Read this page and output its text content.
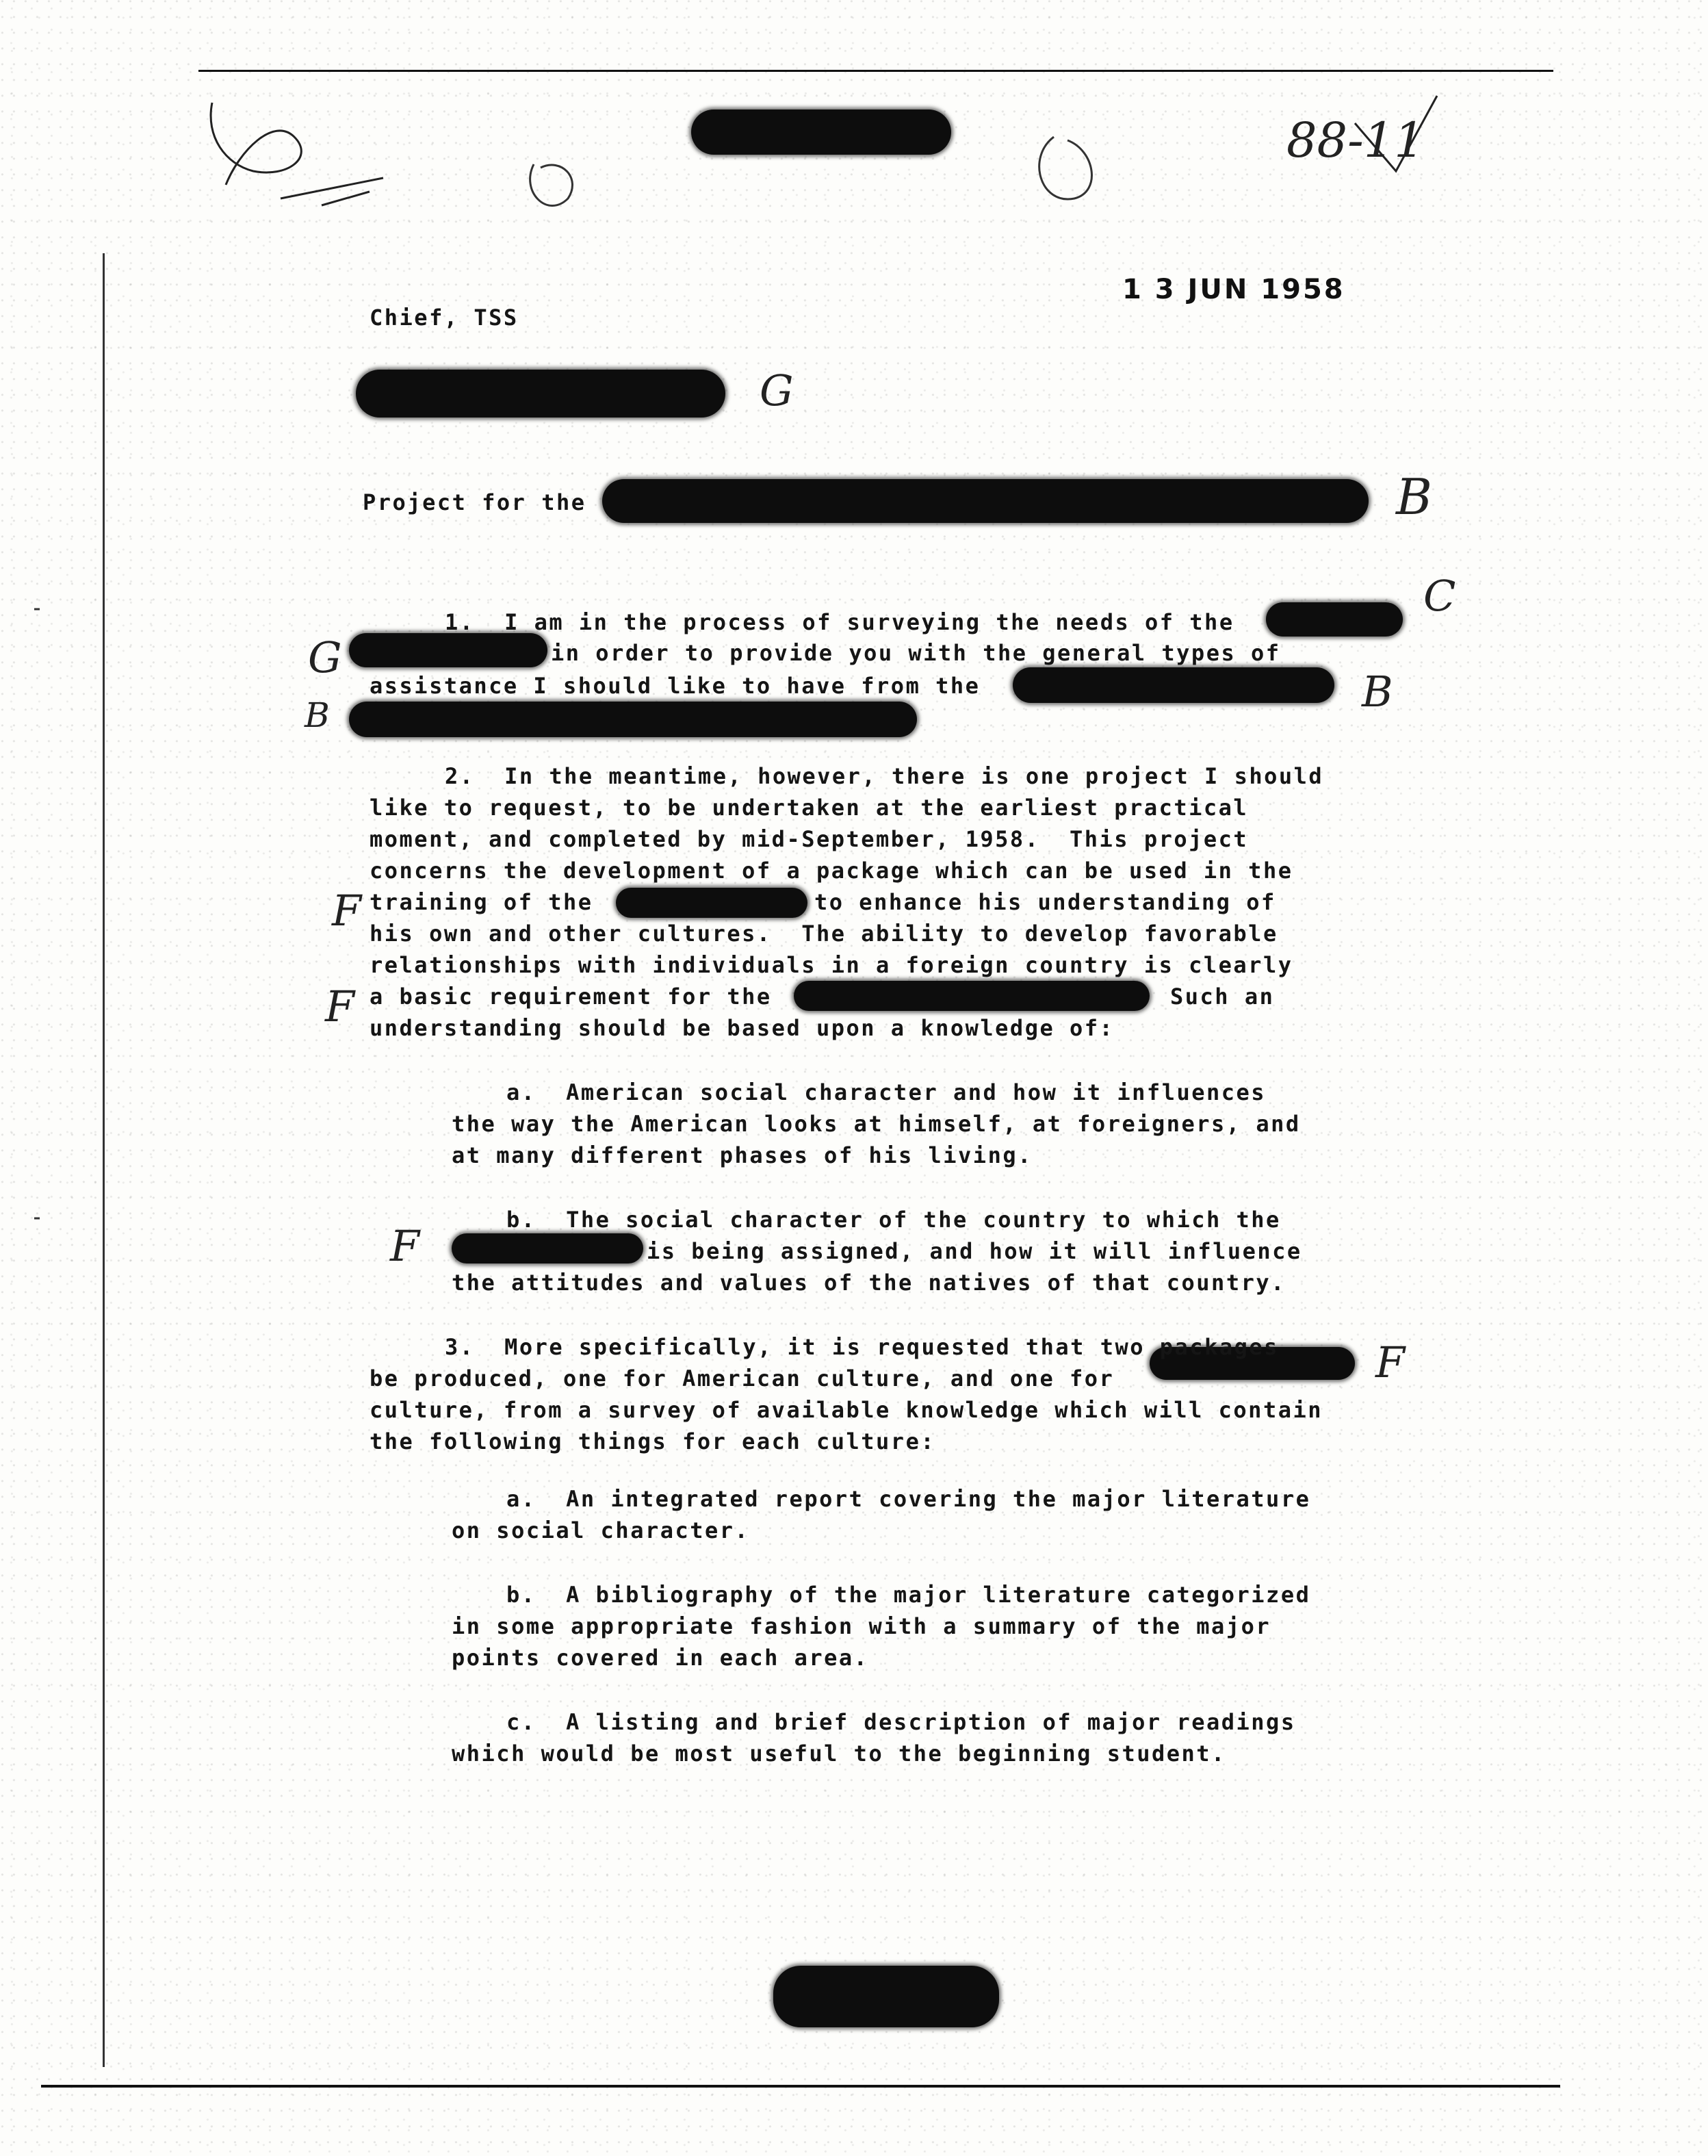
88-11
1 3 JUN 1958
Chief, TSS
Project for the
G
B
C
G
B
B
F
F
F
F
1.  I am in the process of surveying the needs of the
in order to provide you with the general types of
assistance I should like to have from the
2.  In the meantime, however, there is one project I should
like to request, to be undertaken at the earliest practical
moment, and completed by mid-September, 1958.  This project
concerns the development of a package which can be used in the
training of the	to enhance his understanding of
his own and other cultures.  The ability to develop favorable
relationships with individuals in a foreign country is clearly
a basic requirement for the	Such an
understanding should be based upon a knowledge of:
a.  American social character and how it influences
the way the American looks at himself, at foreigners, and
at many different phases of his living.
b.  The social character of the country to which the
is being assigned, and how it will influence
the attitudes and values of the natives of that country.
3.  More specifically, it is requested that two packages
be produced, one for American culture, and one for
culture, from a survey of available knowledge which will contain
the following things for each culture:
a.  An integrated report covering the major literature
on social character.
b.  A bibliography of the major literature categorized
in some appropriate fashion with a summary of the major
points covered in each area.
c.  A listing and brief description of major readings
which would be most useful to the beginning student.
